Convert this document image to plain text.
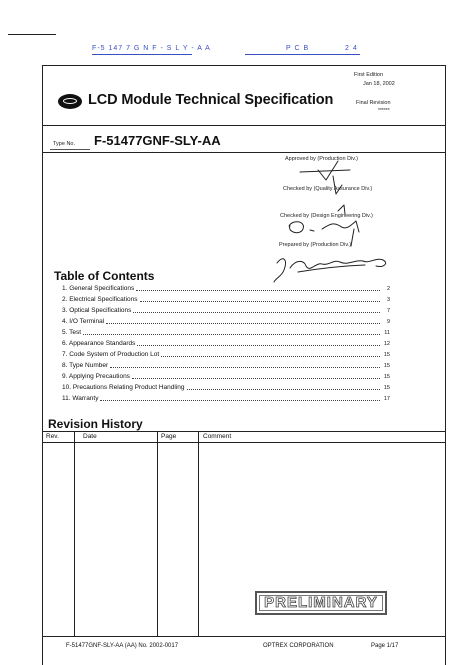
F-5 147 7 G N F - S L Y - A A	P C B	2 4
First Edition
Jan 18, 2002
Final Revision
******
LCD Module Technical Specification
Type No. F-51477GNF-SLY-AA
Approved by (Production Div.)
Checked by (Quality Assurance Div.)
Checked by (Design Engineering Div.)
Prepared by (Production Div.)
Table of Contents
1. General Specifications	2
2. Electrical Specifications	3
3. Optical Specifications	7
4. I/O Terminal	9
5. Test	11
6. Appearance Standards	12
7. Code System of Production Lot	15
8. Type Number	15
9. Applying Precautions	15
10. Precautions Relating Product Handling	15
11. Warranty	17
Revision History
Rev.	Date	Page	Comment
PRELIMINARY
F-51477GNF-SLY-AA (AA) No. 2002-0017	OPTREX CORPORATION	Page 1/17
